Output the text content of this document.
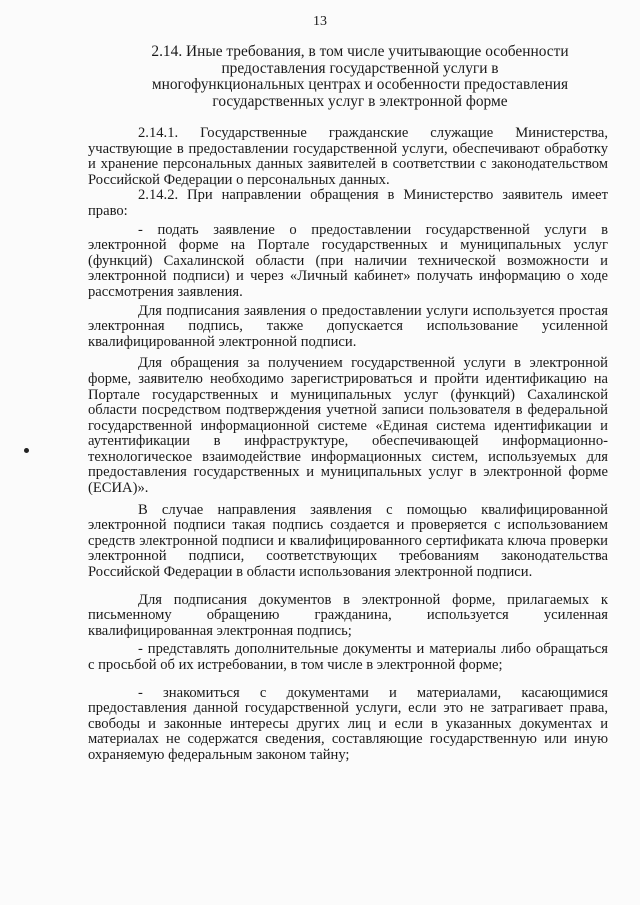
13
2.14. Иные требования, в том числе учитывающие особенности предоставления государственной услуги в многофункциональных центрах и особенности предоставления государственных услуг в электронной форме

2.14.1. Государственные гражданские служащие Министерства, участвующие в предоставлении государственной услуги, обеспечивают обработку и хранение персональных данных заявителей в соответствии с законодательством Российской Федерации о персональных данных.

2.14.2. При направлении обращения в Министерство заявитель имеет право:

- подать заявление о предоставлении государственной услуги в электронной форме на Портале государственных и муниципальных услуг (функций) Сахалинской области (при наличии технической возможности и электронной подписи) и через «Личный кабинет» получать информацию о ходе рассмотрения заявления.

Для подписания заявления о предоставлении услуги используется простая электронная подпись, также допускается использование усиленной квалифицированной электронной подписи.

Для обращения за получением государственной услуги в электронной форме, заявителю необходимо зарегистрироваться и пройти идентификацию на Портале государственных и муниципальных услуг (функций) Сахалинской области посредством подтверждения учетной записи пользователя в федеральной государственной информационной системе «Единая система идентификации и аутентификации в инфраструктуре, обеспечивающей информационно-технологическое взаимодействие информационных систем, используемых для предоставления государственных и муниципальных услуг в электронной форме (ЕСИА)».

В случае направления заявления с помощью квалифицированной электронной подписи такая подпись создается и проверяется с использованием средств электронной подписи и квалифицированного сертификата ключа проверки электронной подписи, соответствующих требованиям законодательства Российской Федерации в области использования электронной подписи.

Для подписания документов в электронной форме, прилагаемых к письменному обращению гражданина, используется усиленная квалифицированная электронная подпись;

- представлять дополнительные документы и материалы либо обращаться с просьбой об их истребовании, в том числе в электронной форме;

- знакомиться с документами и материалами, касающимися предоставления данной государственной услуги, если это не затрагивает права, свободы и законные интересы других лиц и если в указанных документах и материалах не содержатся сведения, составляющие государственную или иную охраняемую федеральным законом тайну;
